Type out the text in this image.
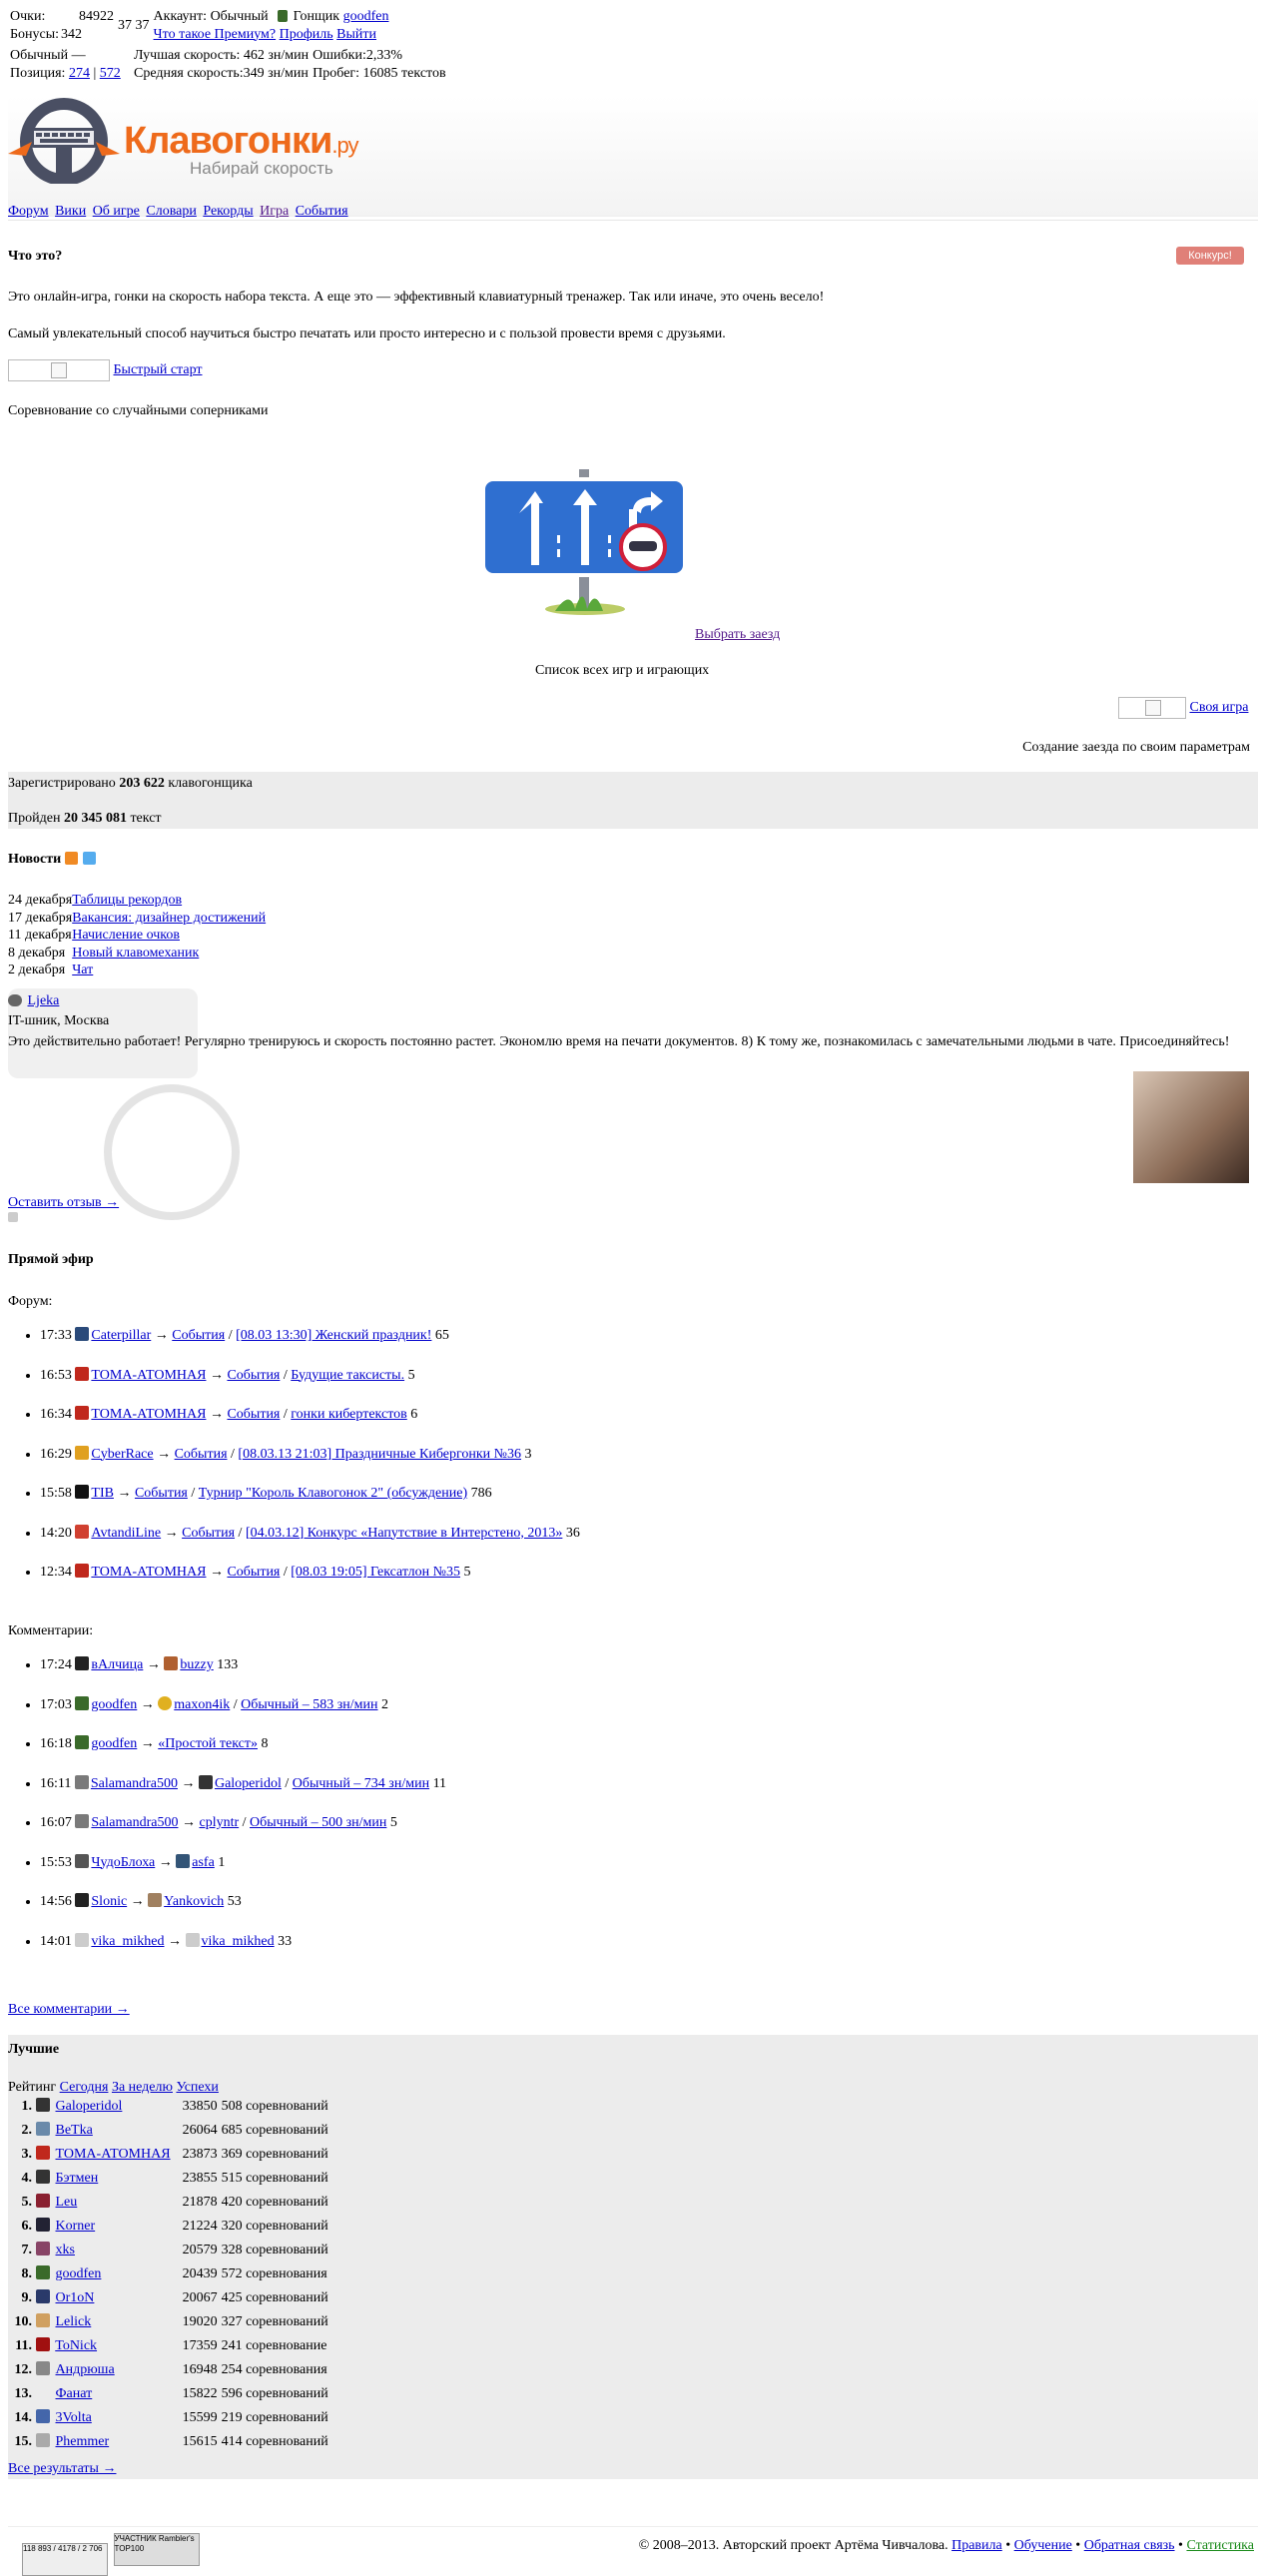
Очки:	84922	37 37	Аккаунт: Обычный Гонщик goodfen
Бонусы:	342		Что такое Премиум? Профиль Выйти
Обычный —	Лучшая скорость: 462 зн/мин	Ошибки:2,33%
Позиция: 274 | 572	Средняя скорость:349 зн/мин	Пробег: 16085 текстов
Клавогонки.ру
Набирай скорость
Форум Вики Об игре Словари Рекорды Игра События
Что это?	Конкурс!
Это онлайн-игра, гонки на скорость набора текста. А еще это — эффективный клавиатурный тренажер. Так или иначе, это очень весело!
Самый увлекательный способ научиться быстро печатать или просто интересно и с пользой провести время с друзьями.
Быстрый старт
Соревнование со случайными соперниками
Выбрать заезд
Список всех игр и играющих
Своя игра
Создание заезда по своим параметрам
Зарегистрировано 203 622 клавогонщика
Пройден 20 345 081 текст
Новости
24 декабря	Таблицы рекордов
17 декабря	Вакансия: дизайнер достижений
11 декабря	Начисление очков
8 декабря	Новый клавомеханик
2 декабря	Чат
Ljeka
IT-шник, Москва
Это действительно работает! Регулярно тренируюсь и скорость постоянно растет. Экономлю время на печати документов. 8) К тому же, познакомилась с замечательными людьми в чате. Присоединяйтесь!
Оставить отзыв →
Прямой эфир
Форум:
• 17:33 Caterpillar → События / [08.03 13:30] Женский праздник! 65
• 16:53 ТОМА-АТОМНАЯ → События / Будущие таксисты. 5
• 16:34 ТОМА-АТОМНАЯ → События / гонки кибертекстов 6
• 16:29 CyberRace → События / [08.03.13 21:03] Праздничные Кибергонки №36 3
• 15:58 TIB → События / Турнир "Король Клавогонок 2" (обсуждение) 786
• 14:20 AvtandiLine → События / [04.03.12] Конкурс «Напутствие в Интерстено, 2013» 36
• 12:34 ТОМА-АТОМНАЯ → События / [08.03 19:05] Гексатлон №35 5
Комментарии:
• 17:24 вАлчица → buzzy 133
• 17:03 goodfen → maxon4ik / Обычный – 583 зн/мин 2
• 16:18 goodfen → «Простой текст» 8
• 16:11 Salamandra500 → Galoperidol / Обычный – 734 зн/мин 11
• 16:07 Salamandra500 → cplyntr / Обычный – 500 зн/мин 5
• 15:53 ЧудоБлоха → asfa 1
• 14:56 Slonic → Yankovich 53
• 14:01 vika_mikhed → vika_mikhed 33
Все комментарии →
Лучшие
Рейтинг Сегодня За неделю Успехи
1.	Galoperidol	33850	508 соревнований
2.	BeTka	26064	685 соревнований
3.	ТОМА-АТОМНАЯ	23873	369 соревнований
4.	Бэтмен	23855	515 соревнований
5.	Leu	21878	420 соревнований
6.	Korner	21224	320 соревнований
7.	xks	20579	328 соревнований
8.	goodfen	20439	572 соревнования
9.	Or1oN	20067	425 соревнований
10.	Lelick	19020	327 соревнований
11.	ToNick	17359	241 соревнование
12.	Андрюша	16948	254 соревнования
13.	Фанат	15822	596 соревнований
14.	3Volta	15599	219 соревнований
15.	Phemmer	15615	414 соревнований
Все результаты →
118 893 / 4178 / 2 706 УЧАСТНИК Rambler's TOP100	© 2008–2013. Авторский проект Артёма Чивчалова. Правила • Обучение • Обратная связь • Статистика
